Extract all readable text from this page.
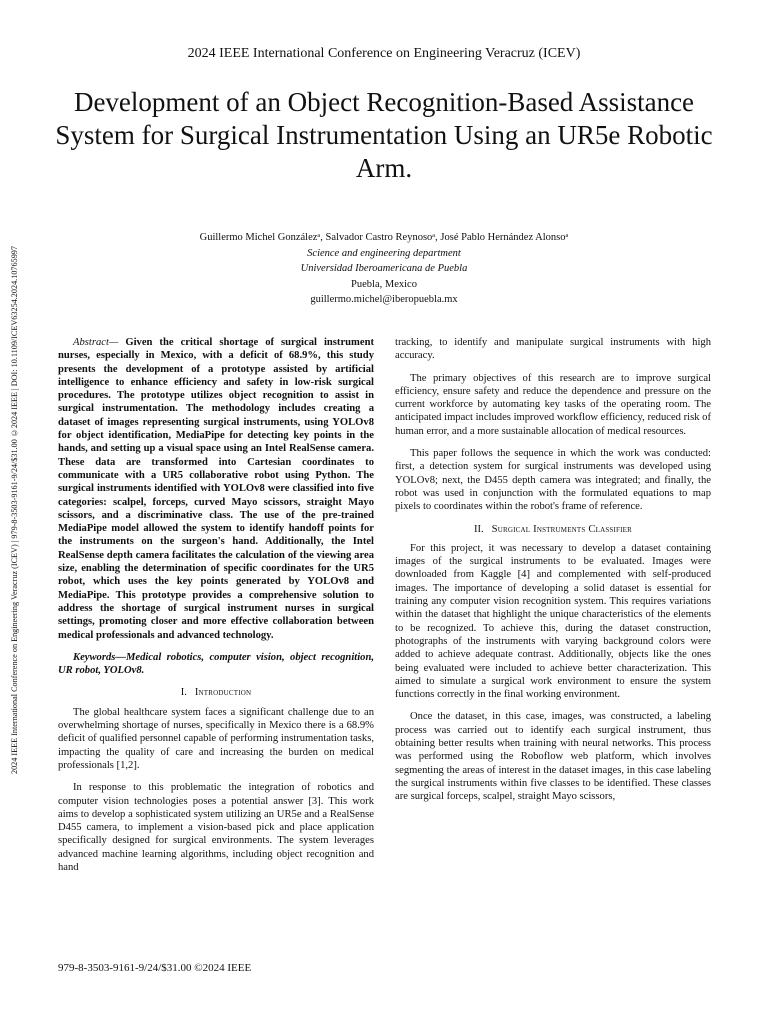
2024 IEEE International Conference on Engineering Veracruz (ICEV)
Development of an Object Recognition-Based Assistance System for Surgical Instrumentation Using an UR5e Robotic Arm.
Guillermo Michel Gonzálezᵃ, Salvador Castro Reynosoᵃ, José Pablo Hernández Alonsoᵃ
Science and engineering department
Universidad Iberoamericana de Puebla
Puebla, Mexico
guillermo.michel@iberopuebla.mx
2024 IEEE International Conference on Engineering Veracruz (ICEV) | 979-8-3503-9161-9/24/$31.00 ©2024 IEEE | DOI: 10.1109/ICEV63254.2024.10765997	Abstract— Given the critical shortage of surgical instrument nurses, especially in Mexico, with a deficit of 68.9%, this study presents the development of a prototype assisted by artificial intelligence to enhance efficiency and safety in low-risk surgical procedures. The prototype utilizes object recognition to assist in surgical instrumentation. The methodology includes creating a dataset of images representing surgical instruments, using YOLOv8 for object identification, MediaPipe for detecting key points in the hands, and setting up a visual space using an Intel RealSense camera. These data are transformed into Cartesian coordinates to communicate with a UR5 collaborative robot using Python. The surgical instruments identified with YOLOv8 were classified into five categories: scalpel, forceps, curved Mayo scissors, straight Mayo scissors, and a discriminative class. The use of the pre-trained MediaPipe model allowed the system to identify handoff points for the instruments on the surgeon's hand. Additionally, the Intel RealSense depth camera facilitates the calculation of the viewing area size, enabling the determination of specific coordinates for the UR5 robot, which uses the key points generated by YOLOv8 and MediaPipe. This prototype provides a comprehensive solution to address the shortage of surgical instrument nurses in surgical settings, promoting closer and more effective collaboration between medical professionals and advanced technology.

Keywords—Medical robotics, computer vision, object recognition, UR robot, YOLOv8.

I. Introduction

The global healthcare system faces a significant challenge due to an overwhelming shortage of nurses, specifically in Mexico there is a 68.9% deficit of qualified personnel capable of performing instrumentation tasks, impacting the quality of care and increasing the burden on medical professionals [1,2].

In response to this problematic the integration of robotics and computer vision technologies poses a potential answer [3]. This work aims to develop a sophisticated system utilizing an UR5e and a RealSense D455 camera, to implement a vision-based pick and place application specifically designed for surgical environments. The system leverages advanced machine learning algorithms, including object recognition and hand

tracking, to identify and manipulate surgical instruments with high accuracy.

The primary objectives of this research are to improve surgical efficiency, ensure safety and reduce the dependence and pressure on the current workforce by automating key tasks of the operating room. The anticipated impact includes improved workflow efficiency, reduced risk of human error, and a more sustainable allocation of medical resources.

This paper follows the sequence in which the work was conducted: first, a detection system for surgical instruments was developed using YOLOv8; next, the D455 depth camera was integrated; and finally, the robot was used in conjunction with the formulated equations to map pixels to coordinates within the robot's frame of reference.

II. Surgical Instruments Classifier

For this project, it was necessary to develop a dataset containing images of the surgical instruments to be evaluated. Images were downloaded from Kaggle [4] and complemented with self-produced images. The importance of developing a solid dataset is essential for training any computer vision recognition system. This requires variations within the dataset that highlight the unique characteristics of the elements to be recognized. To achieve this, during the dataset construction, photographs of the instruments with varying background colors were added to achieve adequate contrast. Additionally, objects like the ones being evaluated were included to achieve better characterization. This aimed to simulate a surgical work environment to ensure the system functions correctly in the final working environment.

Once the dataset, in this case, images, was constructed, a labeling process was carried out to identify each surgical instrument, thus obtaining better results when training with neural networks. This process was performed using the Roboflow web platform, which involves segmenting the areas of interest in the dataset images, in this case labeling the surgical instruments within five classes to be identified. These classes are surgical forceps, scalpel, straight Mayo scissors,

979-8-3503-9161-9/24/$31.00 ©2024 IEEE
